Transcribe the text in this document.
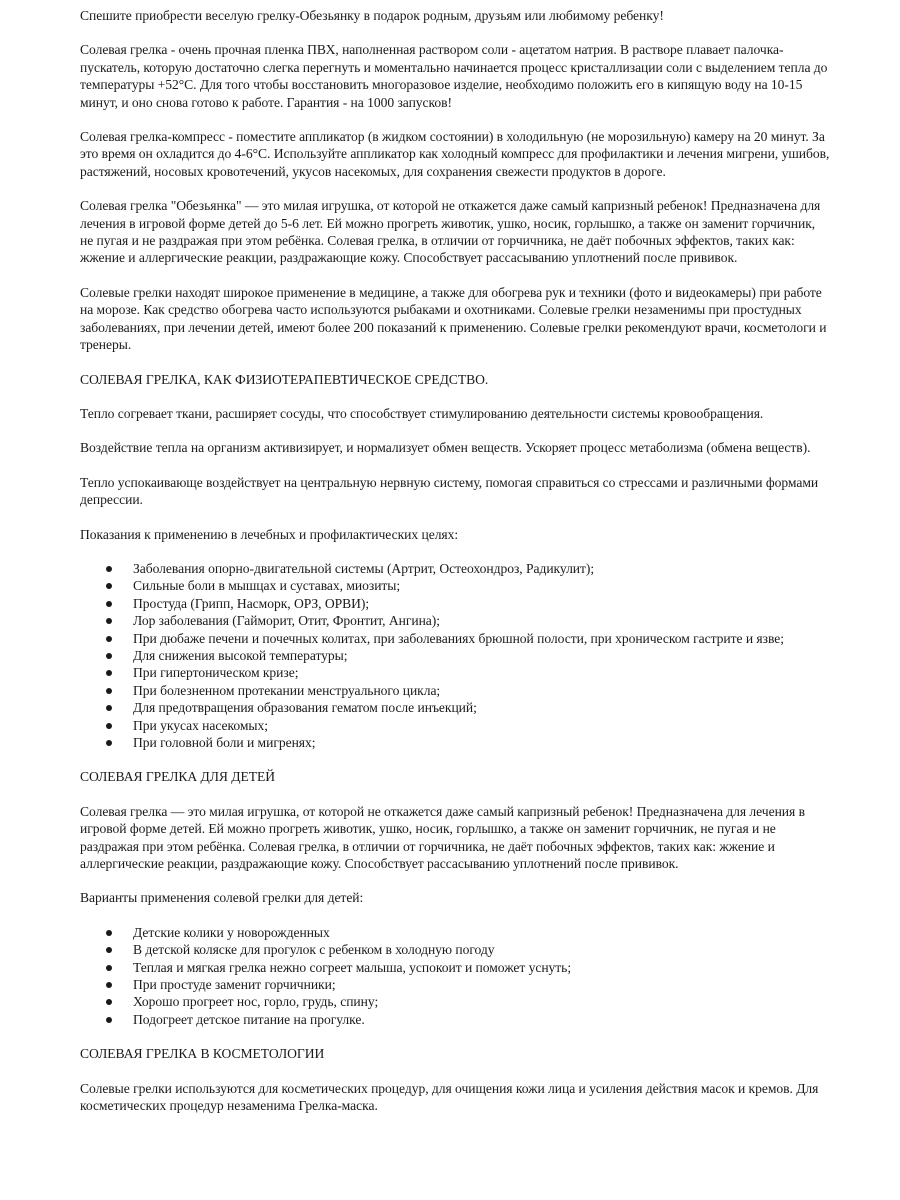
Спешите приобрести веселую грелку-Обезьянку в подарок родным, друзьям или любимому ребенку!

Солевая грелка - очень прочная пленка ПВХ, наполненная раствором соли - ацетатом натрия. В растворе плавает палочка-пускатель, которую достаточно слегка перегнуть и моментально начинается процесс кристаллизации соли с выделением тепла до температуры +52°С. Для того чтобы восстановить многоразовое изделие, необходимо положить его в кипящую воду на 10-15 минут, и оно снова готово к работе. Гарантия - на 1000 запусков!

Солевая грелка-компресс - поместите аппликатор (в жидком состоянии) в холодильную (не морозильную) камеру на 20 минут. За это время он охладится до 4-6°С. Используйте аппликатор как холодный компресс для профилактики и лечения мигрени, ушибов, растяжений, носовых кровотечений, укусов насекомых, для сохранения свежести продуктов в дороге.

Солевая грелка "Обезьянка" — это милая игрушка, от которой не откажется даже самый капризный ребенок! Предназначена для лечения в игровой форме детей до 5-6 лет. Ей можно прогреть животик, ушко, носик, горлышко, а также он заменит горчичник, не пугая и не раздражая при этом ребёнка. Солевая грелка, в отличии от горчичника, не даёт побочных эффектов, таких как: жжение и аллергические реакции, раздражающие кожу. Способствует рассасыванию уплотнений после прививок.

Солевые грелки находят широкое применение в медицине, а также для обогрева рук и техники (фото и видеокамеры) при работе на морозе. Как средство обогрева часто используются рыбаками и охотниками. Солевые грелки незаменимы при простудных заболеваниях, при лечении детей, имеют более 200 показаний к применению. Солевые грелки рекомендуют врачи, косметологи и тренеры.

СОЛЕВАЯ ГРЕЛКА, КАК ФИЗИОТЕРАПЕВТИЧЕСКОЕ СРЕДСТВО.

Тепло согревает ткани, расширяет сосуды, что способствует стимулированию деятельности системы кровообращения.

Воздействие тепла на организм активизирует, и нормализует обмен веществ. Ускоряет процесс метаболизма (обмена веществ).

Тепло успокаивающе воздействует на центральную нервную систему, помогая справиться со стрессами и различными формами депрессии.

Показания к применению в лечебных и профилактических целях:

Заболевания опорно-двигательной системы (Артрит, Остеохондроз, Радикулит);
Сильные боли в мышцах и суставах, миозиты;
Простуда (Грипп, Насморк, ОРЗ, ОРВИ);
Лор заболевания (Гайморит, Отит, Фронтит, Ангина);
При дюбаже печени и почечных колитах, при заболеваниях брюшной полости, при хроническом гастрите и язве;
Для снижения высокой температуры;
При гипертоническом кризе;
При болезненном протекании менструального цикла;
Для предотвращения образования гематом после инъекций;
При укусах насекомых;
При головной боли и мигренях;

СОЛЕВАЯ ГРЕЛКА ДЛЯ ДЕТЕЙ

Солевая грелка — это милая игрушка, от которой не откажется даже самый капризный ребенок! Предназначена для лечения в игровой форме детей. Ей можно прогреть животик, ушко, носик, горлышко, а также он заменит горчичник, не пугая и не раздражая при этом ребёнка. Солевая грелка, в отличии от горчичника, не даёт побочных эффектов, таких как: жжение и аллергические реакции, раздражающие кожу. Способствует рассасыванию уплотнений после прививок.

Варианты применения солевой грелки для детей:

Детские колики у новорожденных
В детской коляске для прогулок с ребенком в холодную погоду
Теплая и мягкая грелка нежно согреет малыша, успокоит и поможет уснуть;
При простуде заменит горчичники;
Хорошо прогреет нос, горло, грудь, спину;
Подогреет детское питание на прогулке.

СОЛЕВАЯ ГРЕЛКА В КОСМЕТОЛОГИИ

Солевые грелки используются для косметических процедур, для очищения кожи лица и усиления действия масок и кремов. Для косметических процедур незаменима Грелка-маска.
